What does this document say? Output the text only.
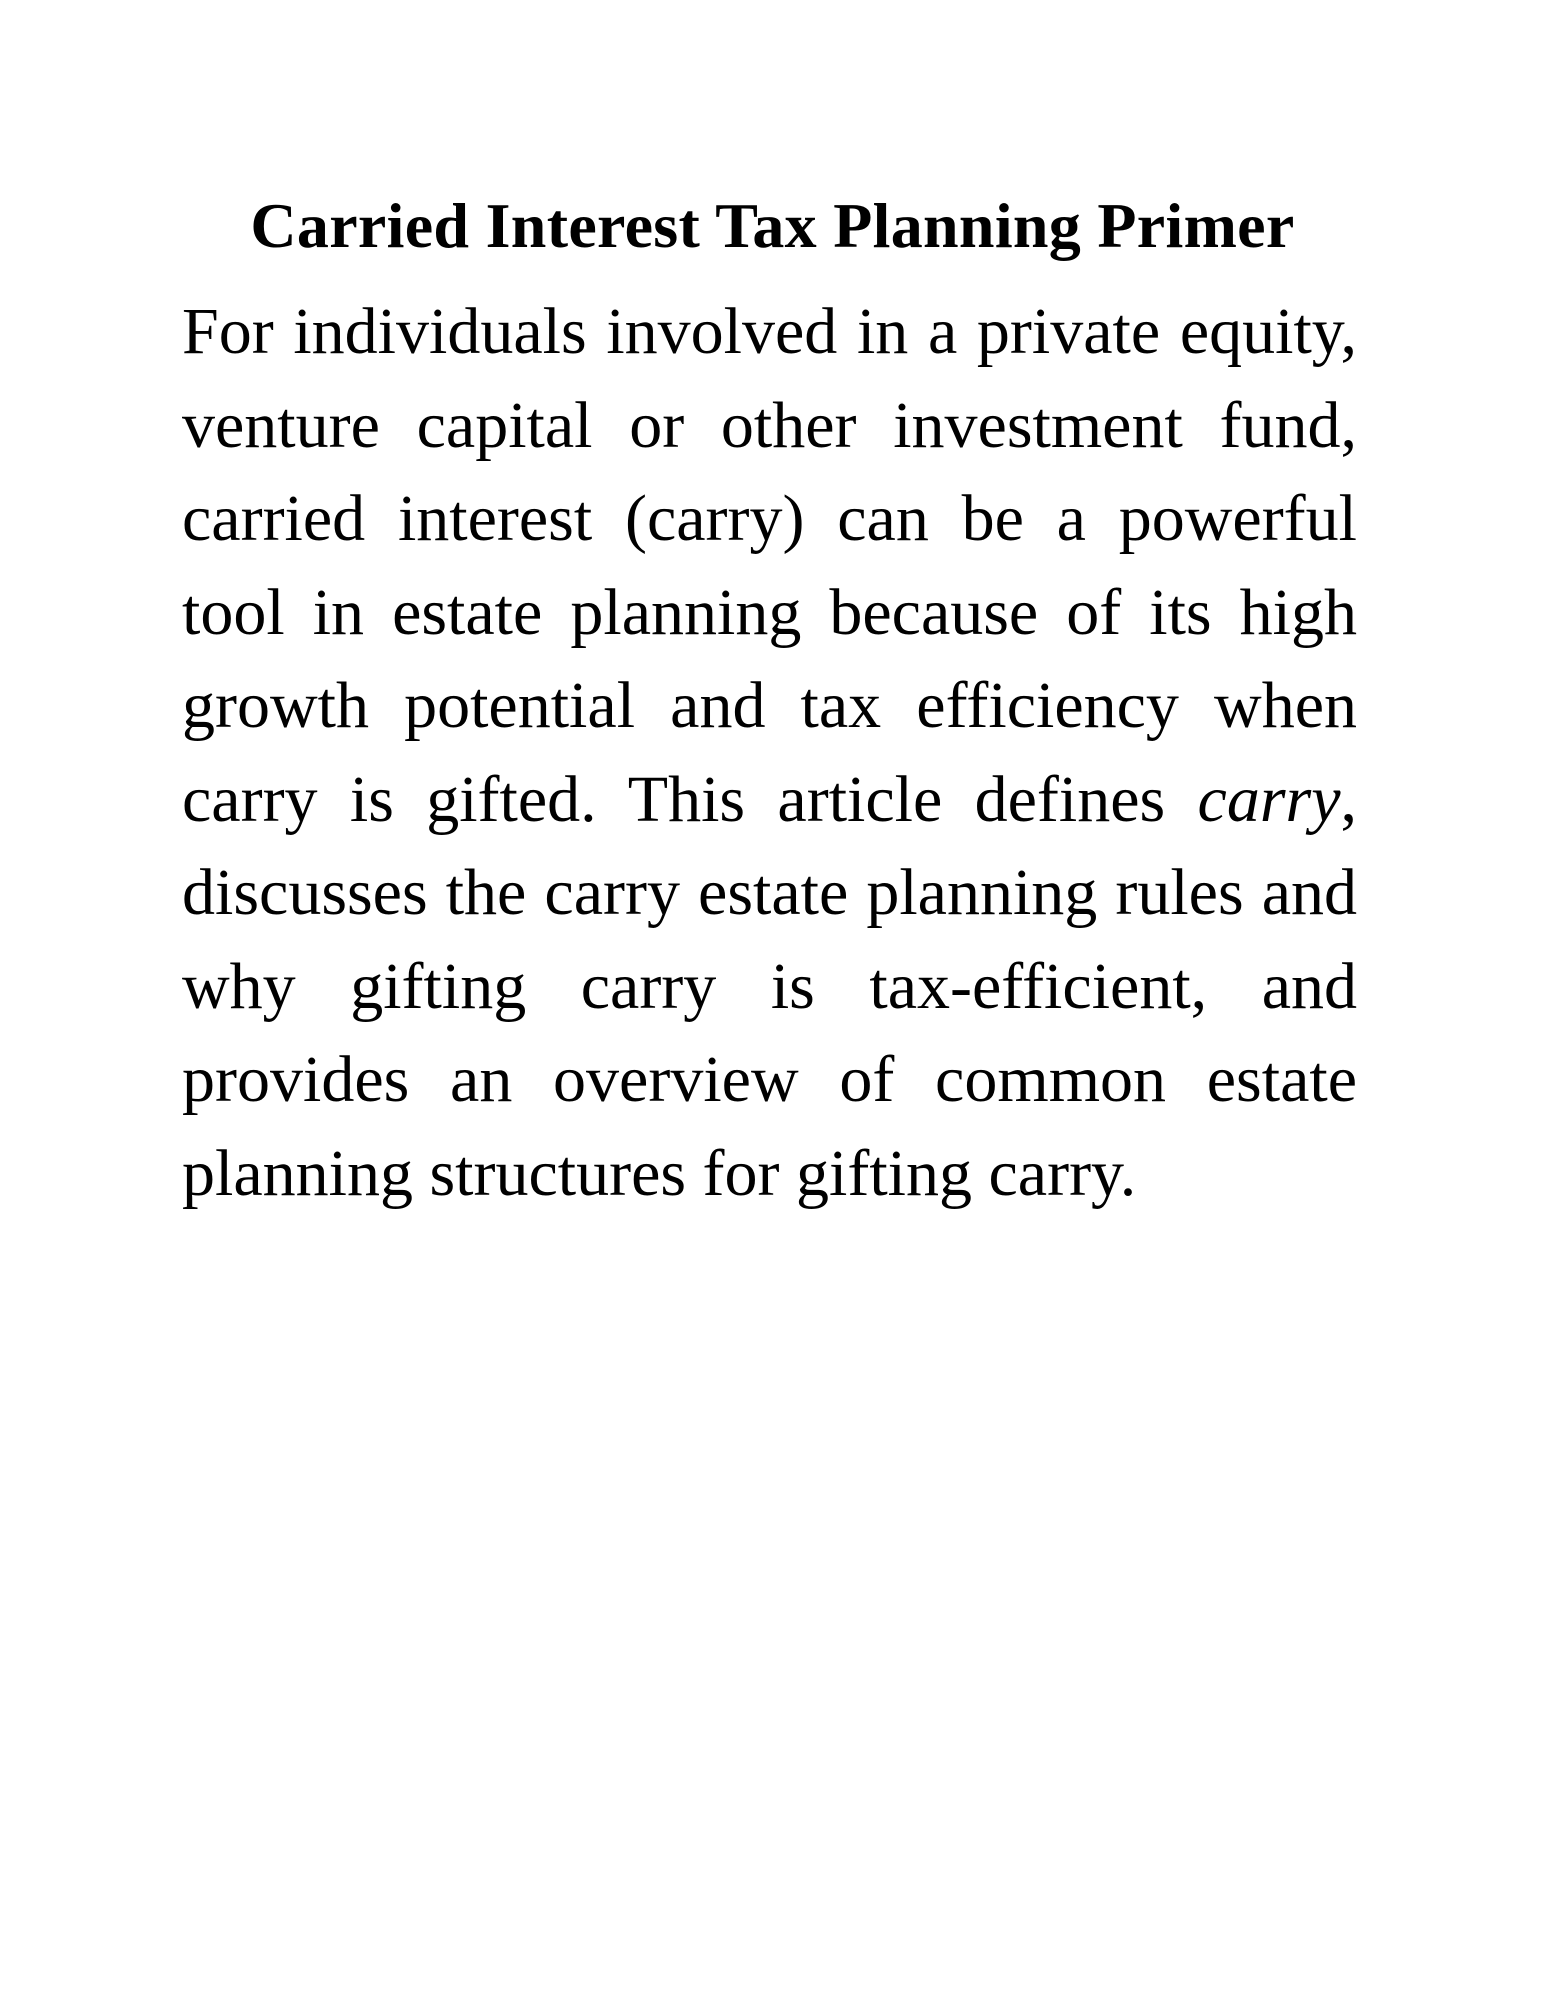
Carried Interest Tax Planning Primer

For individuals involved in a private equity, venture capital or other investment fund, carried interest (carry) can be a powerful tool in estate planning because of its high growth potential and tax efficiency when carry is gifted. This article defines carry, discusses the carry estate planning rules and why gifting carry is tax-efficient, and provides an overview of common estate planning structures for gifting carry.
